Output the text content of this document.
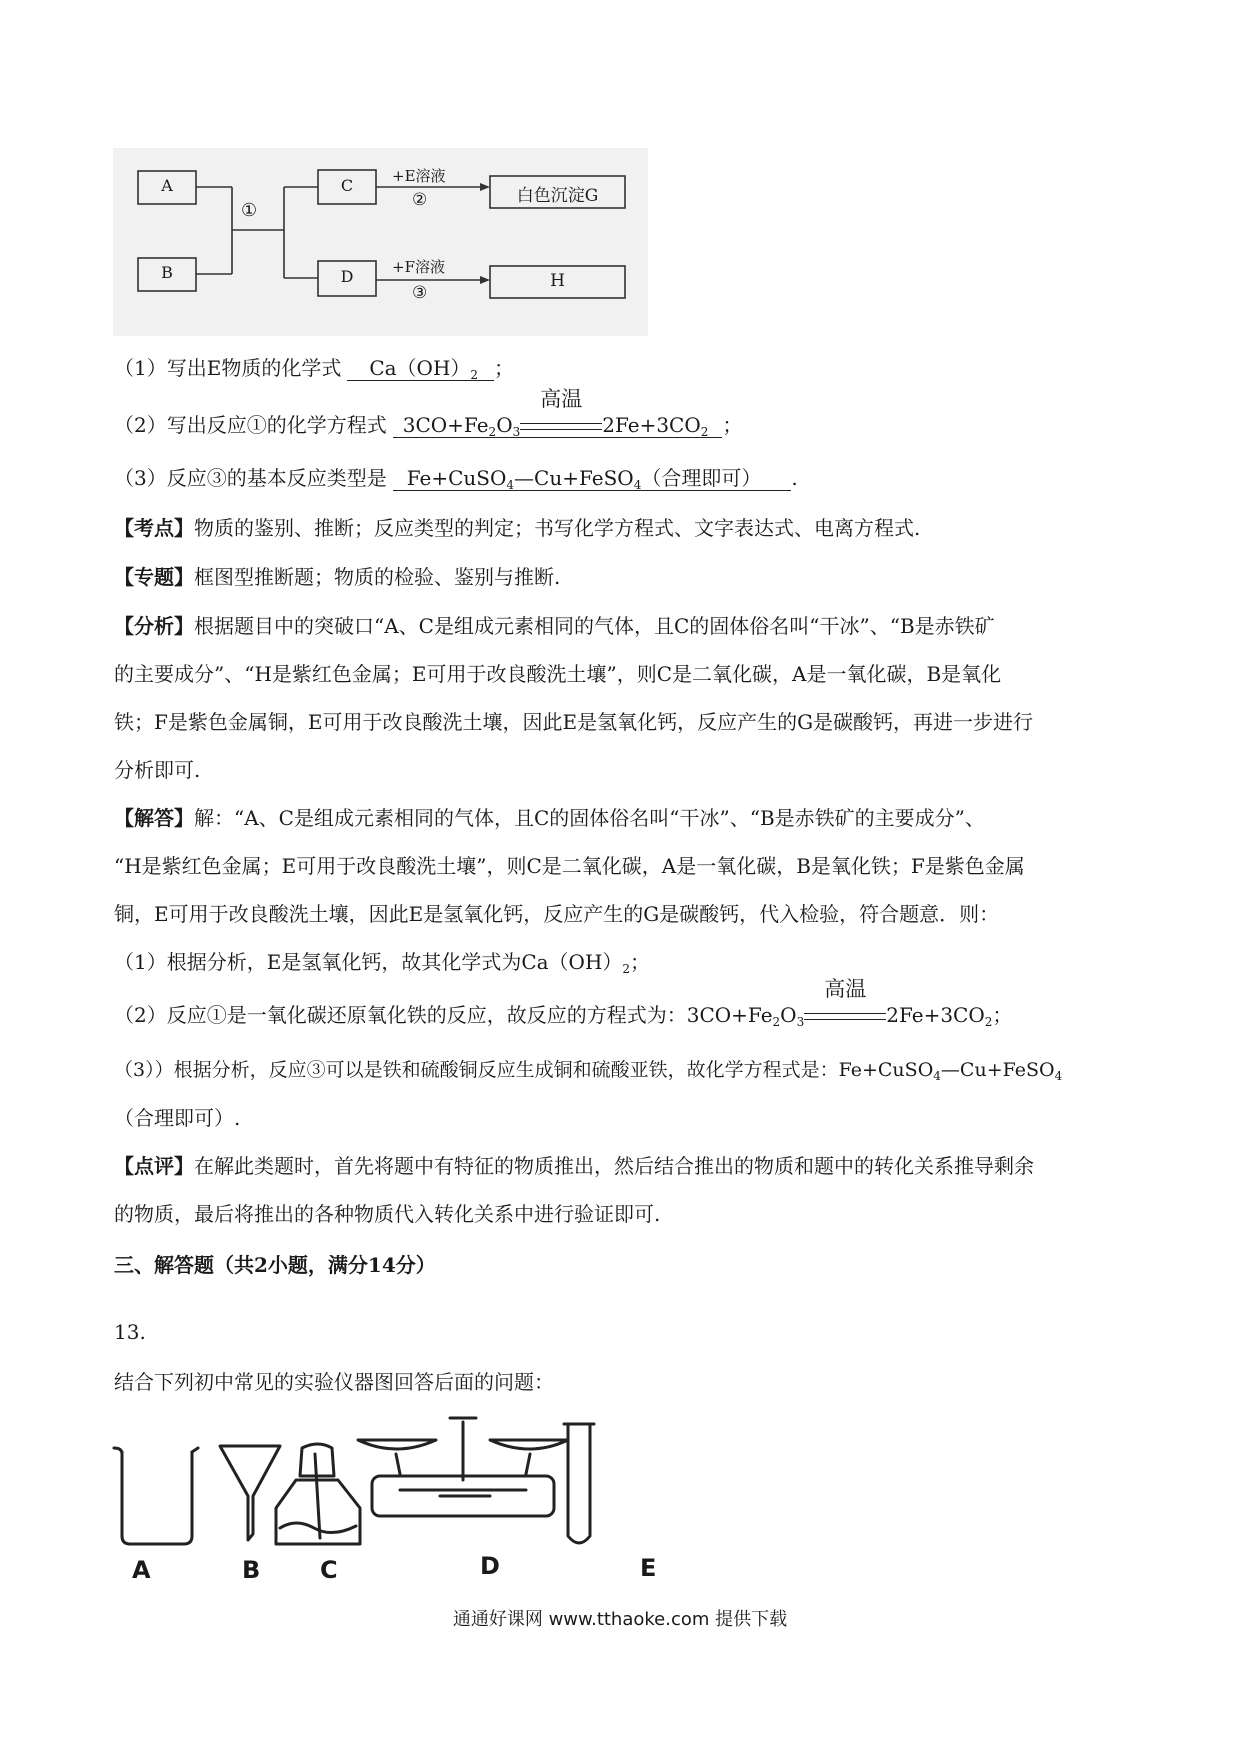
A
B
C
D
①
+E溶液
②
+F溶液
③
白色沉淀G
H
（1）写出E物质的化学式 $Ca(OH)_2$ ；
（2）写出反应①的化学方程式 $3CO+Fe_2O_3$
高温
$2Fe+3CO_2$ ；
（3）反应③的基本反应类型是 Fe+CuSO$_4$—Cu+FeSO$_4$（合理即可） .
【考点】物质的鉴别、推断；反应类型的判定；书写化学方程式、文字表达式、电离方程式.
【专题】框图型推断题；物质的检验、鉴别与推断.
【分析】根据题目中的突破口“A、C是组成元素相同的气体，且C的固体俗名叫“干冰”、“B是赤铁矿
的主要成分”、“H是紫红色金属；E可用于改良酸洗土壤”，则C是二氧化碳，A是一氧化碳，B是氧化
铁；F是紫色金属铜，E可用于改良酸洗土壤，因此E是氢氧化钙，反应产生的G是碳酸钙，再进一步进行
分析即可.
【解答】解：“A、C是组成元素相同的气体，且C的固体俗名叫“干冰”、“B是赤铁矿的主要成分”、
“H是紫红色金属；E可用于改良酸洗土壤”，则C是二氧化碳，A是一氧化碳，B是氧化铁；F是紫色金属
铜，E可用于改良酸洗土壤，因此E是氢氧化钙，反应产生的G是碳酸钙，代入检验，符合题意．则：
（1）根据分析，E是氢氧化钙，故其化学式为$Ca(OH)_2$；
（2）反应①是一氧化碳还原氧化铁的反应，故反应的方程式为：$3CO+Fe_2O_3$
高温
$2Fe+3CO_2$；
（3））根据分析，反应③可以是铁和硫酸铜反应生成铜和硫酸亚铁，故化学方程式是：Fe+CuSO$_4$—Cu+FeSO$_4$
（合理即可）.
【点评】在解此类题时，首先将题中有特征的物质推出，然后结合推出的物质和题中的转化关系推导剩余
的物质，最后将推出的各种物质代入转化关系中进行验证即可.
三、解答题（共2小题，满分14分）
13.
结合下列初中常见的实验仪器图回答后面的问题：
A	B C	D	E
通通好课网 www.tthaoke.com 提供下载
